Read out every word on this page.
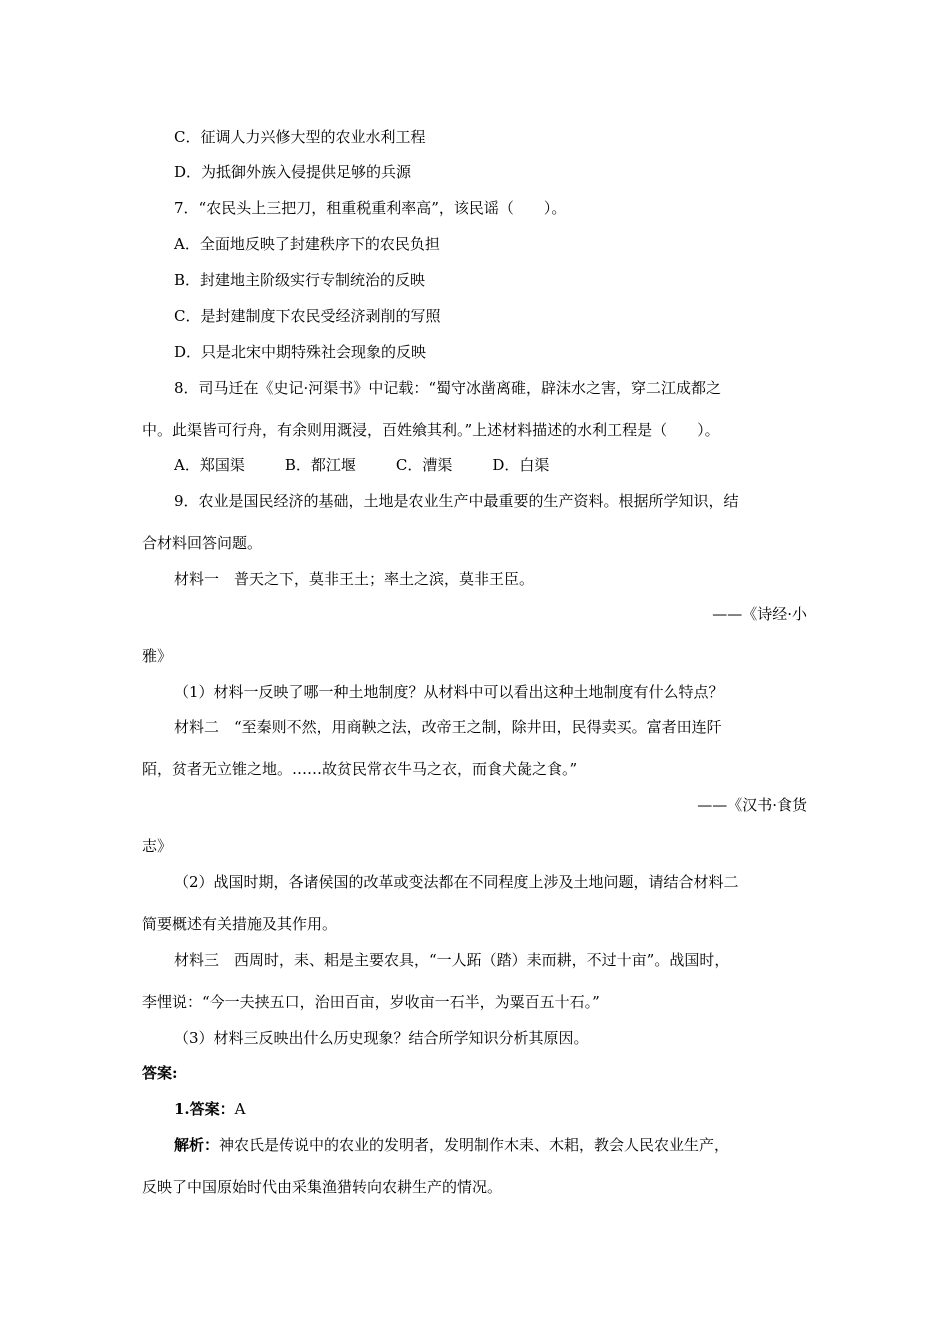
C．征调人力兴修大型的农业水利工程
D．为抵御外族入侵提供足够的兵源
7．“农民头上三把刀，租重税重利率高”，该民谣（　　）。
A．全面地反映了封建秩序下的农民负担
B．封建地主阶级实行专制统治的反映
C．是封建制度下农民受经济剥削的写照
D．只是北宋中期特殊社会现象的反映
8．司马迁在《史记·河渠书》中记载：“蜀守冰凿离碓，辟沫水之害，穿二江成都之
中。此渠皆可行舟，有余则用溉浸，百姓飨其利。”上述材料描述的水利工程是（　　）。
A．郑国渠	B．都江堰	C．漕渠	D．白渠
9．农业是国民经济的基础，土地是农业生产中最重要的生产资料。根据所学知识，结
合材料回答问题。
材料一　普天之下，莫非王土；率土之滨，莫非王臣。
——《诗经·小
雅》
（1）材料一反映了哪一种土地制度？从材料中可以看出这种土地制度有什么特点？
材料二　“至秦则不然，用商鞅之法，改帝王之制，除井田，民得卖买。富者田连阡
陌，贫者无立锥之地。……故贫民常衣牛马之衣，而食犬彘之食。”
——《汉书·食货
志》
（2）战国时期，各诸侯国的改革或变法都在不同程度上涉及土地问题，请结合材料二
简要概述有关措施及其作用。
材料三　西周时，耒、耜是主要农具，“一人跖（踏）耒而耕，不过十亩”。战国时，
李悝说：“今一夫挟五口，治田百亩，岁收亩一石半，为粟百五十石。”
（3）材料三反映出什么历史现象？结合所学知识分析其原因。
答案:
1.答案：A
解析：神农氏是传说中的农业的发明者，发明制作木耒、木耜，教会人民农业生产，
反映了中国原始时代由采集渔猎转向农耕生产的情况。
